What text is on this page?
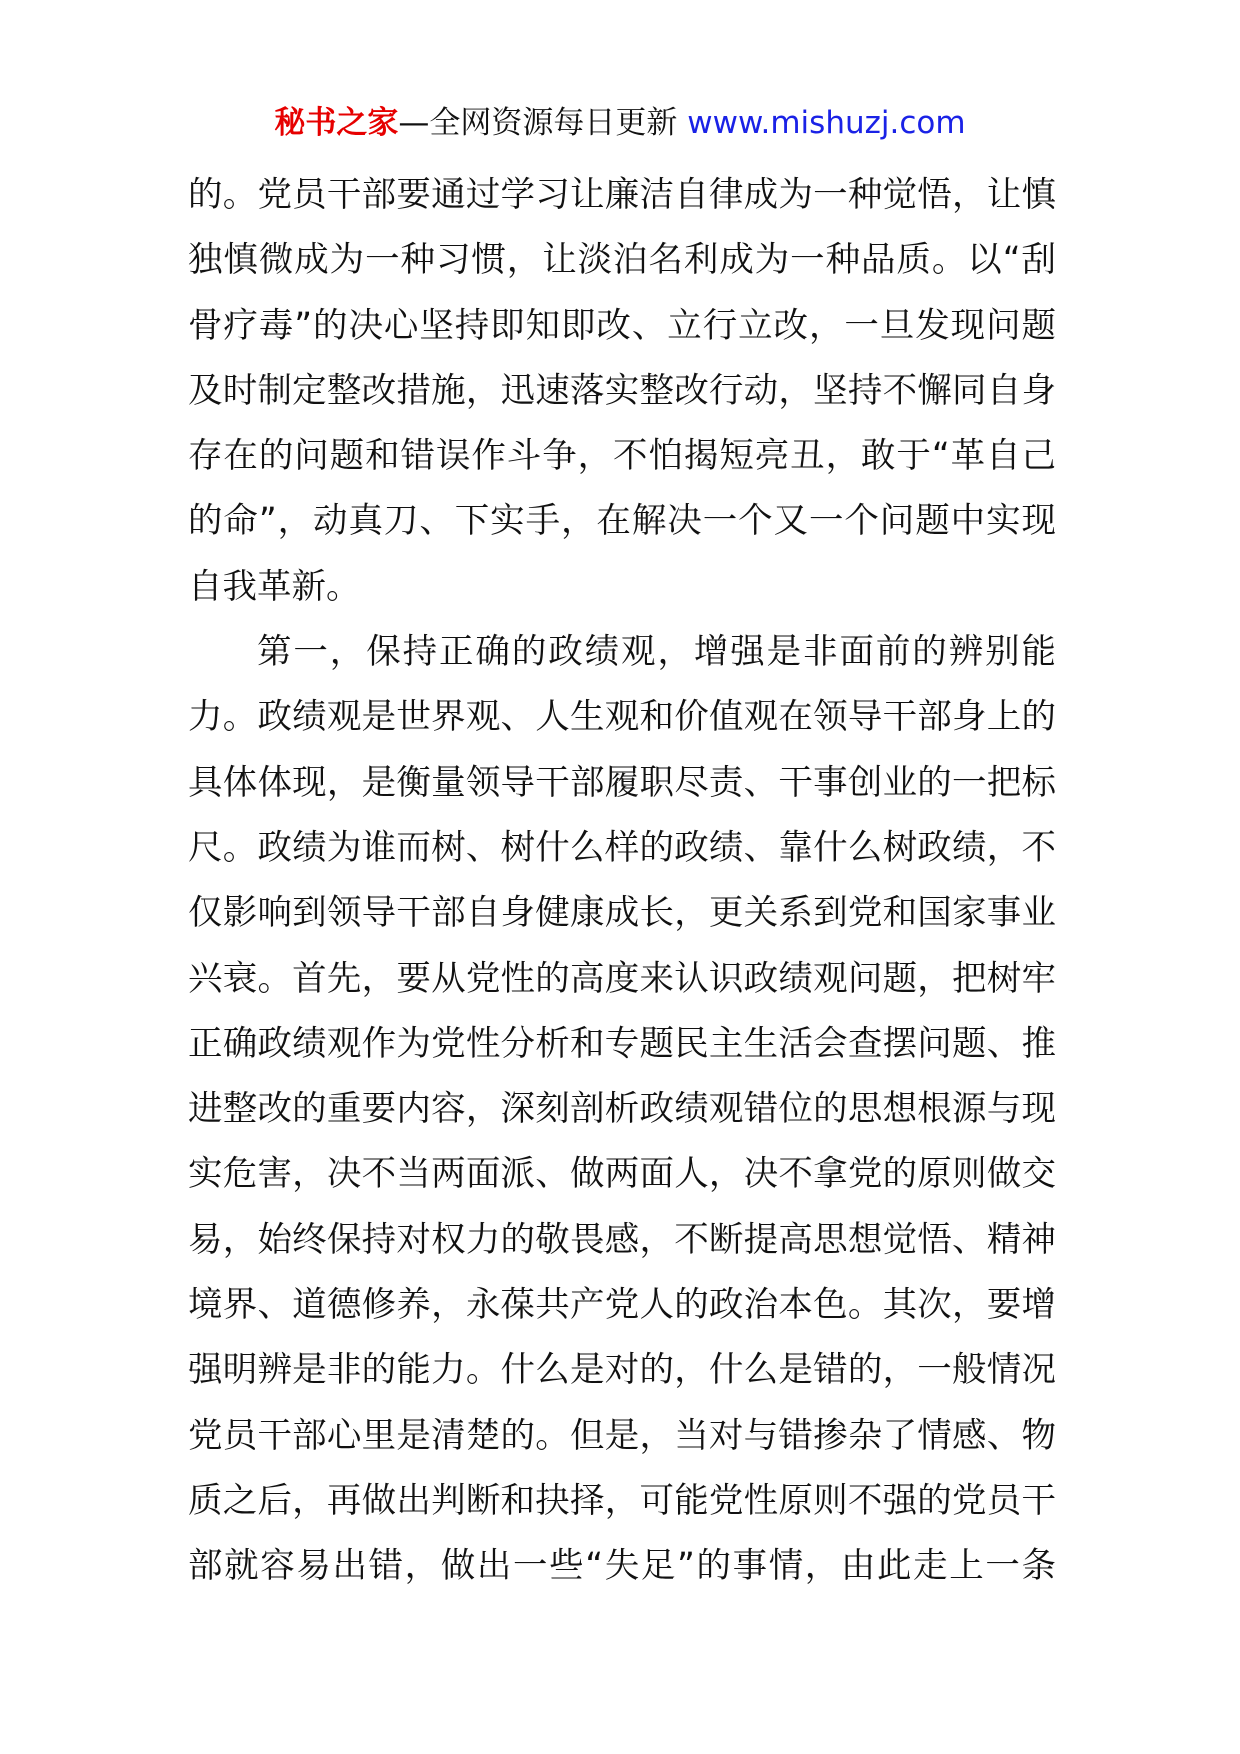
秘书之家—全网资源每日更新 www.mishuzj.com
的。党员干部要通过学习让廉洁自律成为一种觉悟，让慎
独慎微成为一种习惯，让淡泊名利成为一种品质。以“刮
骨疗毒”的决心坚持即知即改、立行立改，一旦发现问题
及时制定整改措施，迅速落实整改行动，坚持不懈同自身
存在的问题和错误作斗争，不怕揭短亮丑，敢于“革自己
的命”，动真刀、下实手，在解决一个又一个问题中实现
自我革新。
第一，保持正确的政绩观，增强是非面前的辨别能
力。政绩观是世界观、人生观和价值观在领导干部身上的
具体体现，是衡量领导干部履职尽责、干事创业的一把标
尺。政绩为谁而树、树什么样的政绩、靠什么树政绩，不
仅影响到领导干部自身健康成长，更关系到党和国家事业
兴衰。首先，要从党性的高度来认识政绩观问题，把树牢
正确政绩观作为党性分析和专题民主生活会查摆问题、推
进整改的重要内容，深刻剖析政绩观错位的思想根源与现
实危害，决不当两面派、做两面人，决不拿党的原则做交
易，始终保持对权力的敬畏感，不断提高思想觉悟、精神
境界、道德修养，永葆共产党人的政治本色。其次，要增
强明辨是非的能力。什么是对的，什么是错的，一般情况
党员干部心里是清楚的。但是，当对与错掺杂了情感、物
质之后，再做出判断和抉择，可能党性原则不强的党员干
部就容易出错，做出一些“失足”的事情，由此走上一条
